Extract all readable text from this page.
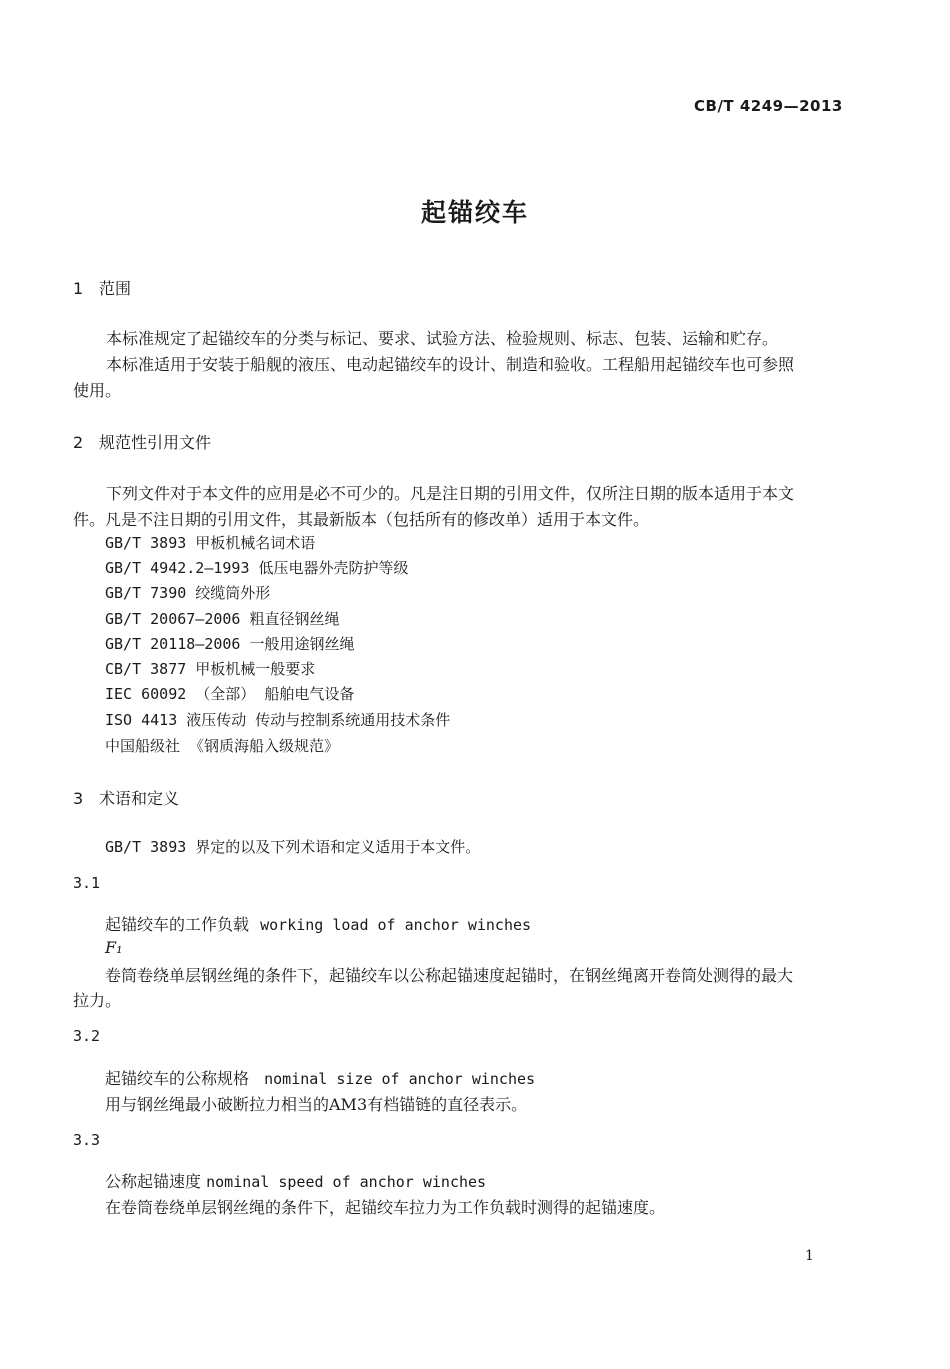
CB/T 4249—2013
起锚绞车
1 范围
本标准规定了起锚绞车的分类与标记、要求、试验方法、检验规则、标志、包装、运输和贮存。
本标准适用于安装于船舰的液压、电动起锚绞车的设计、制造和验收。工程船用起锚绞车也可参照
使用。
2 规范性引用文件
下列文件对于本文件的应用是必不可少的。凡是注日期的引用文件，仅所注日期的版本适用于本文
件。凡是不注日期的引用文件，其最新版本（包括所有的修改单）适用于本文件。
GB/T 3893 甲板机械名词术语
GB/T 4942.2—1993 低压电器外壳防护等级
GB/T 7390 绞缆筒外形
GB/T 20067—2006 粗直径钢丝绳
GB/T 20118—2006 一般用途钢丝绳
CB/T 3877 甲板机械一般要求
IEC 60092 （全部） 船舶电气设备
ISO 4413 液压传动 传动与控制系统通用技术条件
中国船级社 《钢质海船入级规范》
3 术语和定义
GB/T 3893 界定的以及下列术语和定义适用于本文件。
3.1
起锚绞车的工作负载 working load of anchor winches
F₁
卷筒卷绕单层钢丝绳的条件下，起锚绞车以公称起锚速度起锚时，在钢丝绳离开卷筒处测得的最大
拉力。
3.2
起锚绞车的公称规格 nominal size of anchor winches
用与钢丝绳最小破断拉力相当的AM3有档锚链的直径表示。
3.3
公称起锚速度 nominal speed of anchor winches
在卷筒卷绕单层钢丝绳的条件下，起锚绞车拉力为工作负载时测得的起锚速度。
1
